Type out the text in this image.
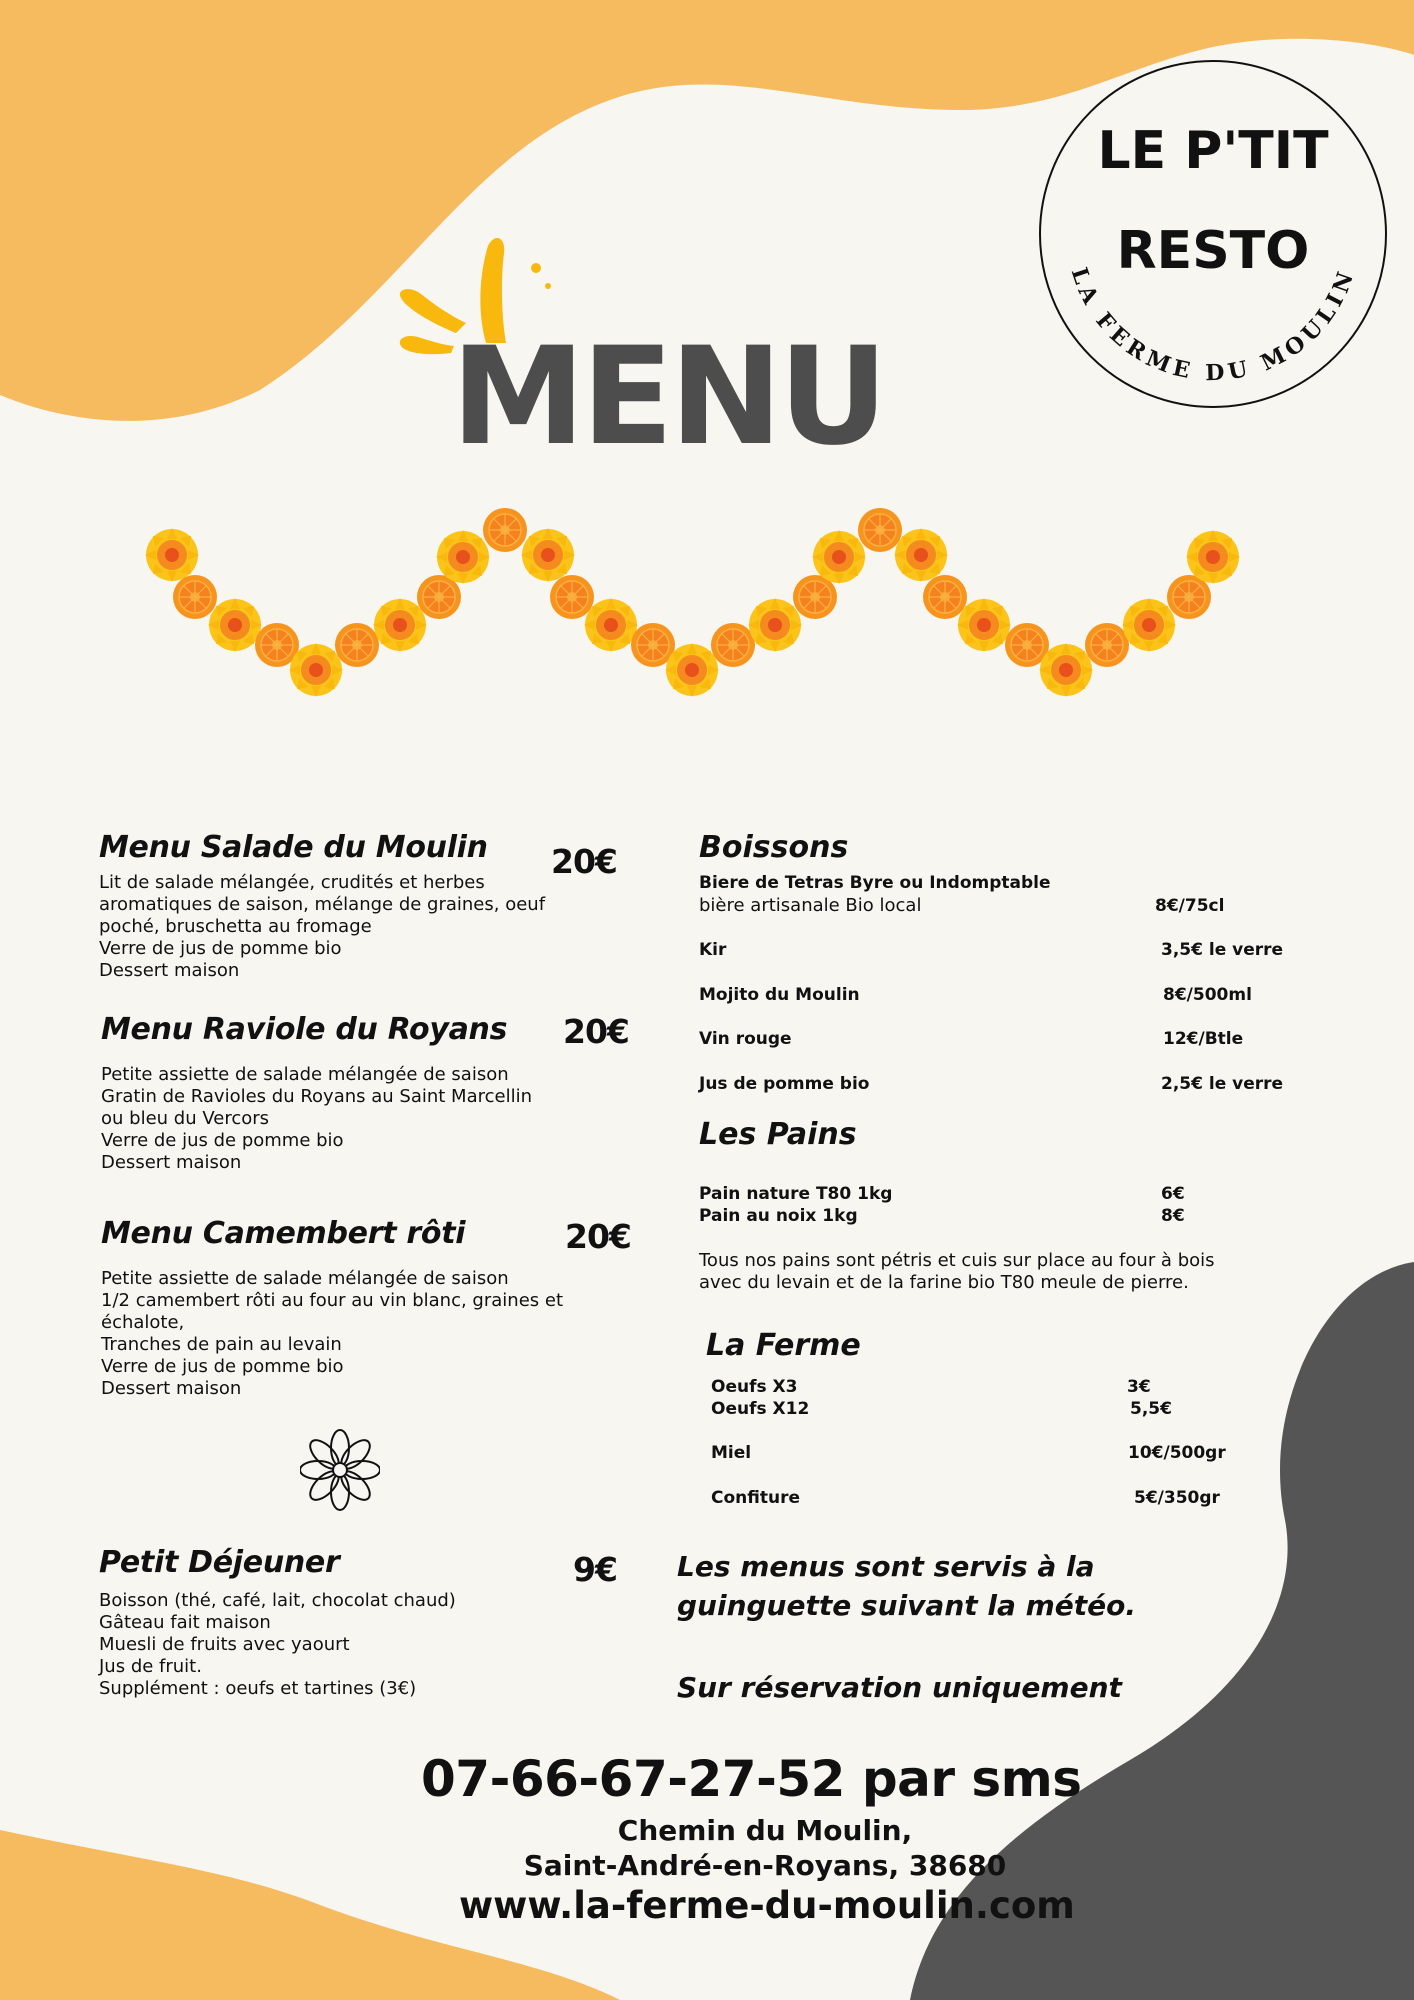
MENU
LE P'TIT
RESTO
LA FERME DU MOULIN
Menu Salade du Moulin 20€
Lit de salade mélangée, crudités et herbes
aromatiques de saison, mélange de graines, oeuf
poché, bruschetta au fromage
Verre de jus de pomme bio
Dessert maison
Menu Raviole du Royans 20€
Petite assiette de salade mélangée de saison
Gratin de Ravioles du Royans au Saint Marcellin
ou bleu du Vercors
Verre de jus de pomme bio
Dessert maison
Menu Camembert rôti	20€
Petite assiette de salade mélangée de saison
1/2 camembert rôti au four au vin blanc, graines et
échalote,
Tranches de pain au levain
Verre de jus de pomme bio
Dessert maison
Petit Déjeuner	9€
Boisson (thé, café, lait, chocolat chaud)
Gâteau fait maison
Muesli de fruits avec yaourt
Jus de fruit.
Supplément : oeufs et tartines (3€)
Boissons
Biere de Tetras Byre ou Indomptable
bière artisanale Bio local	8€/75cl
Kir	3,5€ le verre
Mojito du Moulin	8€/500ml
Vin rouge	12€/Btle
Jus de pomme bio	2,5€ le verre
Les Pains
Pain nature T80 1kg	6€
Pain au noix 1kg	8€
Tous nos pains sont pétris et cuis sur place au four à bois
avec du levain et de la farine bio T80 meule de pierre.
La Ferme
Oeufs X3	3€
Oeufs X12	5,5€
Miel	10€/500gr
Confiture	5€/350gr
Les menus sont servis à la
guinguette suivant la météo.
Sur réservation uniquement
07-66-67-27-52 par sms
Chemin du Moulin,
Saint-André-en-Royans, 38680
www.la-ferme-du-moulin.com
